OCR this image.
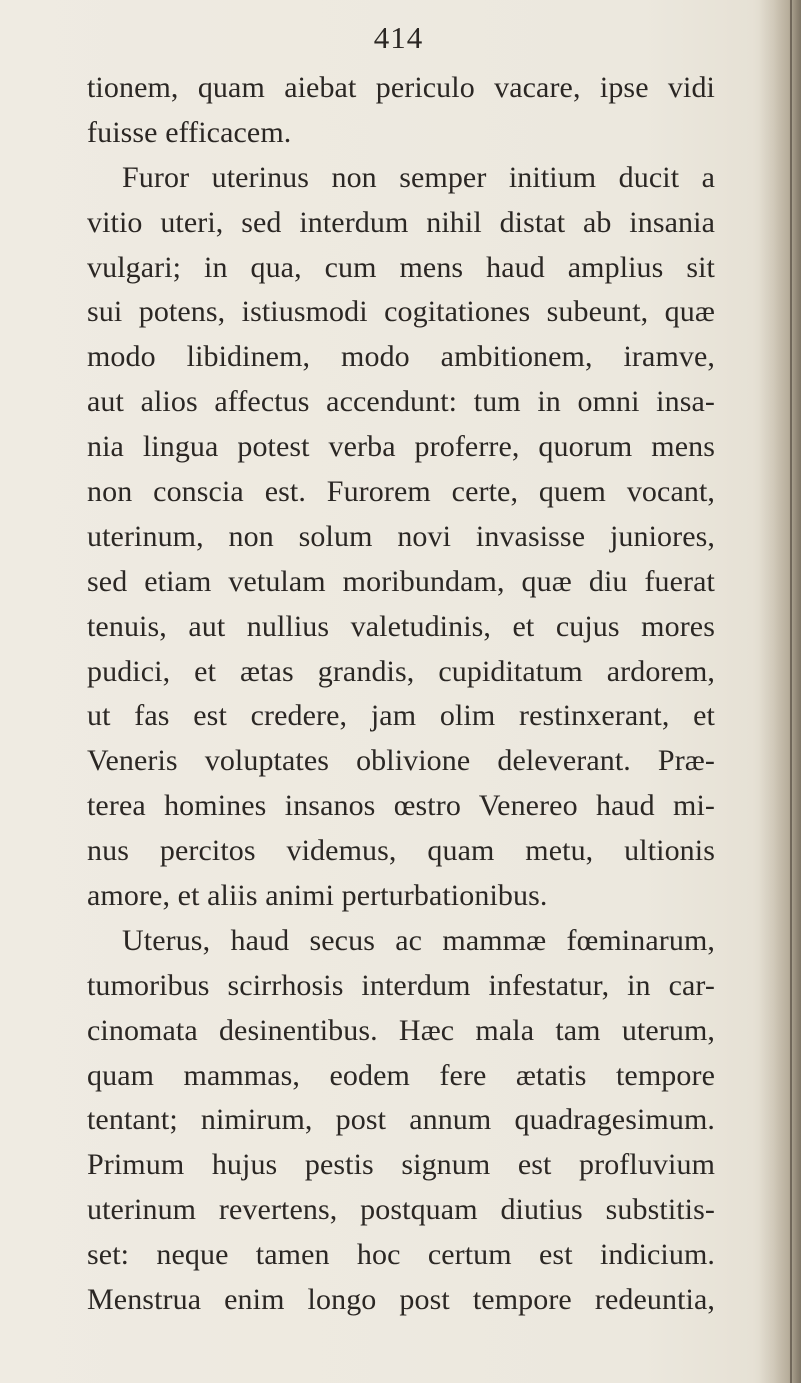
414
tionem, quam aiebat periculo vacare, ipse vidi
fuisse efficacem.
Furor uterinus non semper initium ducit a
vitio uteri, sed interdum nihil distat ab insania
vulgari; in qua, cum mens haud amplius sit
sui potens, istiusmodi cogitationes subeunt, quæ
modo libidinem, modo ambitionem, iramve,
aut alios affectus accendunt: tum in omni insa-
nia lingua potest verba proferre, quorum mens
non conscia est. Furorem certe, quem vocant,
uterinum, non solum novi invasisse juniores,
sed etiam vetulam moribundam, quæ diu fuerat
tenuis, aut nullius valetudinis, et cujus mores
pudici, et ætas grandis, cupiditatum ardorem,
ut fas est credere, jam olim restinxerant, et
Veneris voluptates oblivione deleverant. Præ-
terea homines insanos œstro Venereo haud mi-
nus percitos videmus, quam metu, ultionis
amore, et aliis animi perturbationibus.
Uterus, haud secus ac mammæ fœminarum,
tumoribus scirrhosis interdum infestatur, in car-
cinomata desinentibus. Hæc mala tam uterum,
quam mammas, eodem fere ætatis tempore
tentant; nimirum, post annum quadragesimum.
Primum hujus pestis signum est profluvium
uterinum revertens, postquam diutius substitis-
set: neque tamen hoc certum est indicium.
Menstrua enim longo post tempore redeuntia,
